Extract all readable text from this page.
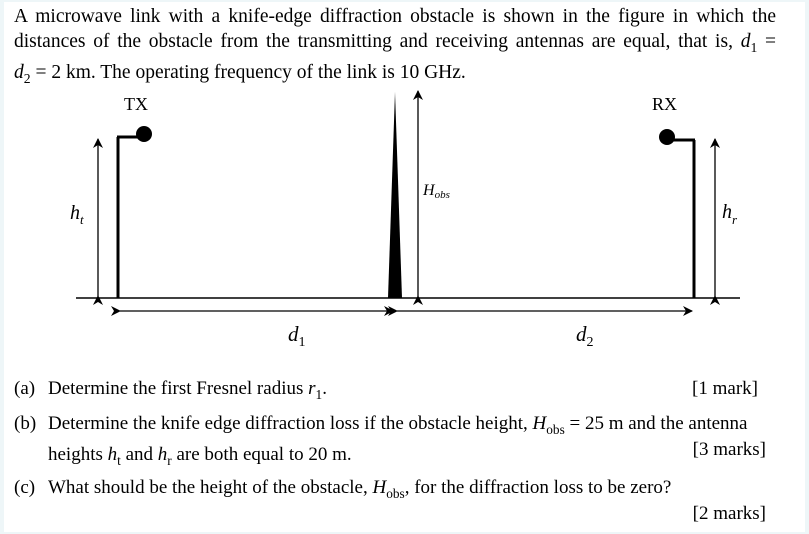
A microwave link with a knife-edge diffraction obstacle is shown in the figure in which the
distances of the obstacle from the transmitting and receiving antennas are equal, that is, $d_1$ =
$d_2 = 2$ km. The operating frequency of the link is 10 GHz.
TX
$h_t$
RX
$h_r$
Hobs
$d_1$	$d_2$
(a) Determine the first Fresnel radius $r_1$.	[1 mark]
(b) Determine the knife edge diffraction loss if the obstacle height, $H_{obs} = 25$ m and the antenna
heights $h_t$ and $h_r$ are both equal to 20 m.	[3 marks]
(c) What should be the height of the obstacle, $H_{obs}$, for the diffraction loss to be zero?
[2 marks]
